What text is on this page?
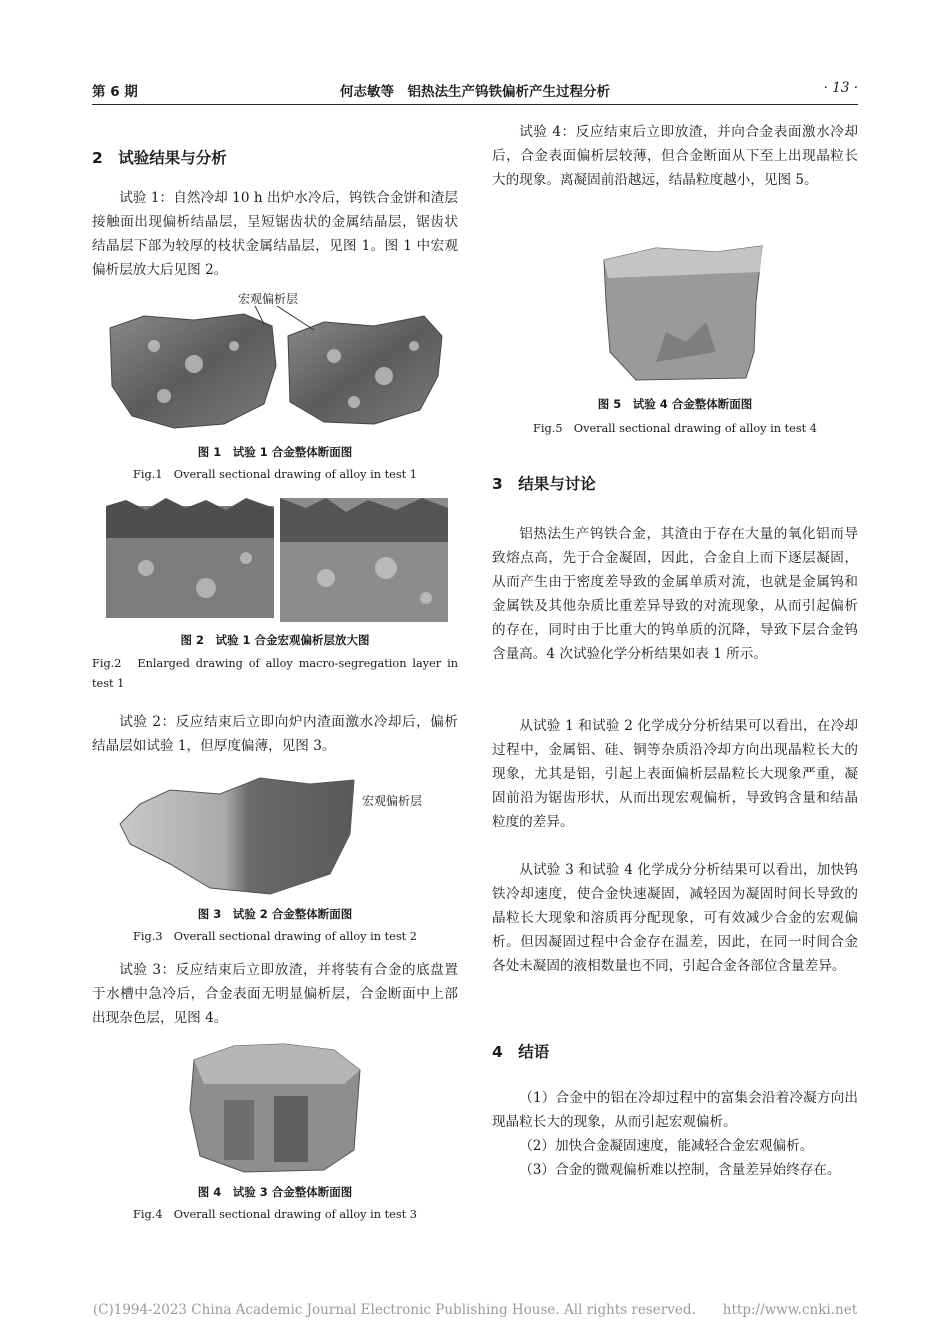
第 6 期	何志敏等　铝热法生产钨铁偏析产生过程分析	· 13 ·
2　试验结果与分析

试验 1：自然冷却 10 h 出炉水冷后，钨铁合金饼和渣层接触面出现偏析结晶层，呈短锯齿状的金属结晶层，锯齿状结晶层下部为较厚的枝状金属结晶层，见图 1。图 1 中宏观偏析层放大后见图 2。

宏观偏析层
图 1　试验 1 合金整体断面图
Fig.1　Overall sectional drawing of alloy in test 1
图 2　试验 1 合金宏观偏析层放大图
Fig.2　Enlarged drawing of alloy macro-segregation layer in test 1

试验 2：反应结束后立即向炉内渣面激水冷却后，偏析结晶层如试验 1，但厚度偏薄，见图 3。

宏观偏析层
图 3　试验 2 合金整体断面图
Fig.3　Overall sectional drawing of alloy in test 2

试验 3：反应结束后立即放渣，并将装有合金的底盘置于水槽中急冷后，合金表面无明显偏析层，合金断面中上部出现杂色层，见图 4。

图 4　试验 3 合金整体断面图
Fig.4　Overall sectional drawing of alloy in test 3

试验 4：反应结束后立即放渣，并向合金表面激水冷却后，合金表面偏析层较薄，但合金断面从下至上出现晶粒长大的现象。离凝固前沿越远，结晶粒度越小，见图 5。

图 5　试验 4 合金整体断面图
Fig.5　Overall sectional drawing of alloy in test 4
3　结果与讨论

铝热法生产钨铁合金，其渣由于存在大量的氧化铝而导致熔点高，先于合金凝固，因此，合金自上而下逐层凝固，从而产生由于密度差导致的金属单质对流，也就是金属钨和金属铁及其他杂质比重差异导致的对流现象，从而引起偏析的存在，同时由于比重大的钨单质的沉降，导致下层合金钨含量高。4 次试验化学分析结果如表 1 所示。

从试验 1 和试验 2 化学成分分析结果可以看出，在冷却过程中，金属铝、硅、铜等杂质沿冷却方向出现晶粒长大的现象，尤其是铝，引起上表面偏析层晶粒长大现象严重，凝固前沿为锯齿形状，从而出现宏观偏析，导致钨含量和结晶粒度的差异。

从试验 3 和试验 4 化学成分分析结果可以看出，加快钨铁冷却速度，使合金快速凝固，减轻因为凝固时间长导致的晶粒长大现象和溶质再分配现象，可有效减少合金的宏观偏析。但因凝固过程中合金存在温差，因此，在同一时间合金各处未凝固的液相数量也不同，引起合金各部位含量差异。

4　结语

（1）合金中的铝在冷却过程中的富集会沿着冷凝方向出现晶粒长大的现象，从而引起宏观偏析。

（2）加快合金凝固速度，能减轻合金宏观偏析。

（3）合金的微观偏析难以控制，含量差异始终存在。

(C)1994-2023 China Academic Journal Electronic Publishing House. All rights reserved.　　http://www.cnki.net
